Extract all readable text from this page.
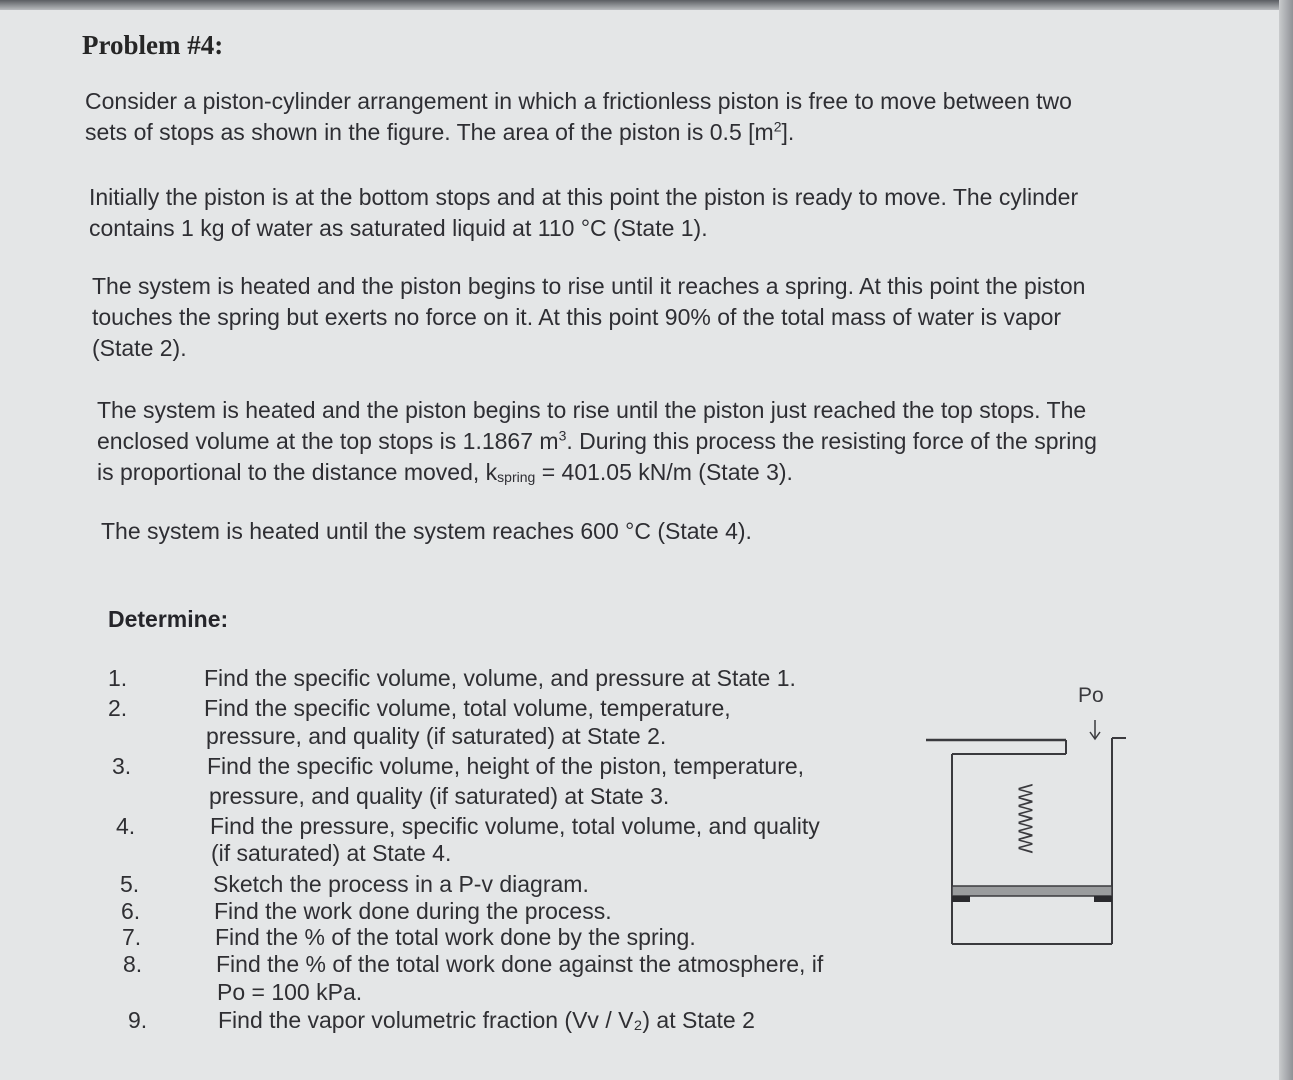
Problem #4:
Consider a piston-cylinder arrangement in which a frictionless piston is free to move between two
sets of stops as shown in the figure. The area of the piston is 0.5 $[m^2]$.
Initially the piston is at the bottom stops and at this point the piston is ready to move. The cylinder
contains 1 kg of water as saturated liquid at 110 °C (State 1).
The system is heated and the piston begins to rise until it reaches a spring. At this point the piston
touches the spring but exerts no force on it. At this point 90% of the total mass of water is vapor
(State 2).
The system is heated and the piston begins to rise until the piston just reached the top stops. The
enclosed volume at the top stops is 1.1867 $m^3$. During this process the resisting force of the spring
is proportional to the distance moved, $k_{spring} = 401.05$ kN/m (State 3).
The system is heated until the system reaches 600 °C (State 4).
Determine:
1.	Find the specific volume, volume, and pressure at State 1.
2.	Find the specific volume, total volume, temperature,
pressure, and quality (if saturated) at State 2.
3.	Find the specific volume, height of the piston, temperature,
pressure, and quality (if saturated) at State 3.
4.	Find the pressure, specific volume, total volume, and quality
(if saturated) at State 4.
5.	Sketch the process in a P-v diagram.
6.	Find the work done during the process.
7.	Find the % of the total work done by the spring.
8.	Find the % of the total work done against the atmosphere, if
Po = 100 kPa.
9.	Find the vapor volumetric fraction (Vv / V₂) at State 2
Po
WWWW
